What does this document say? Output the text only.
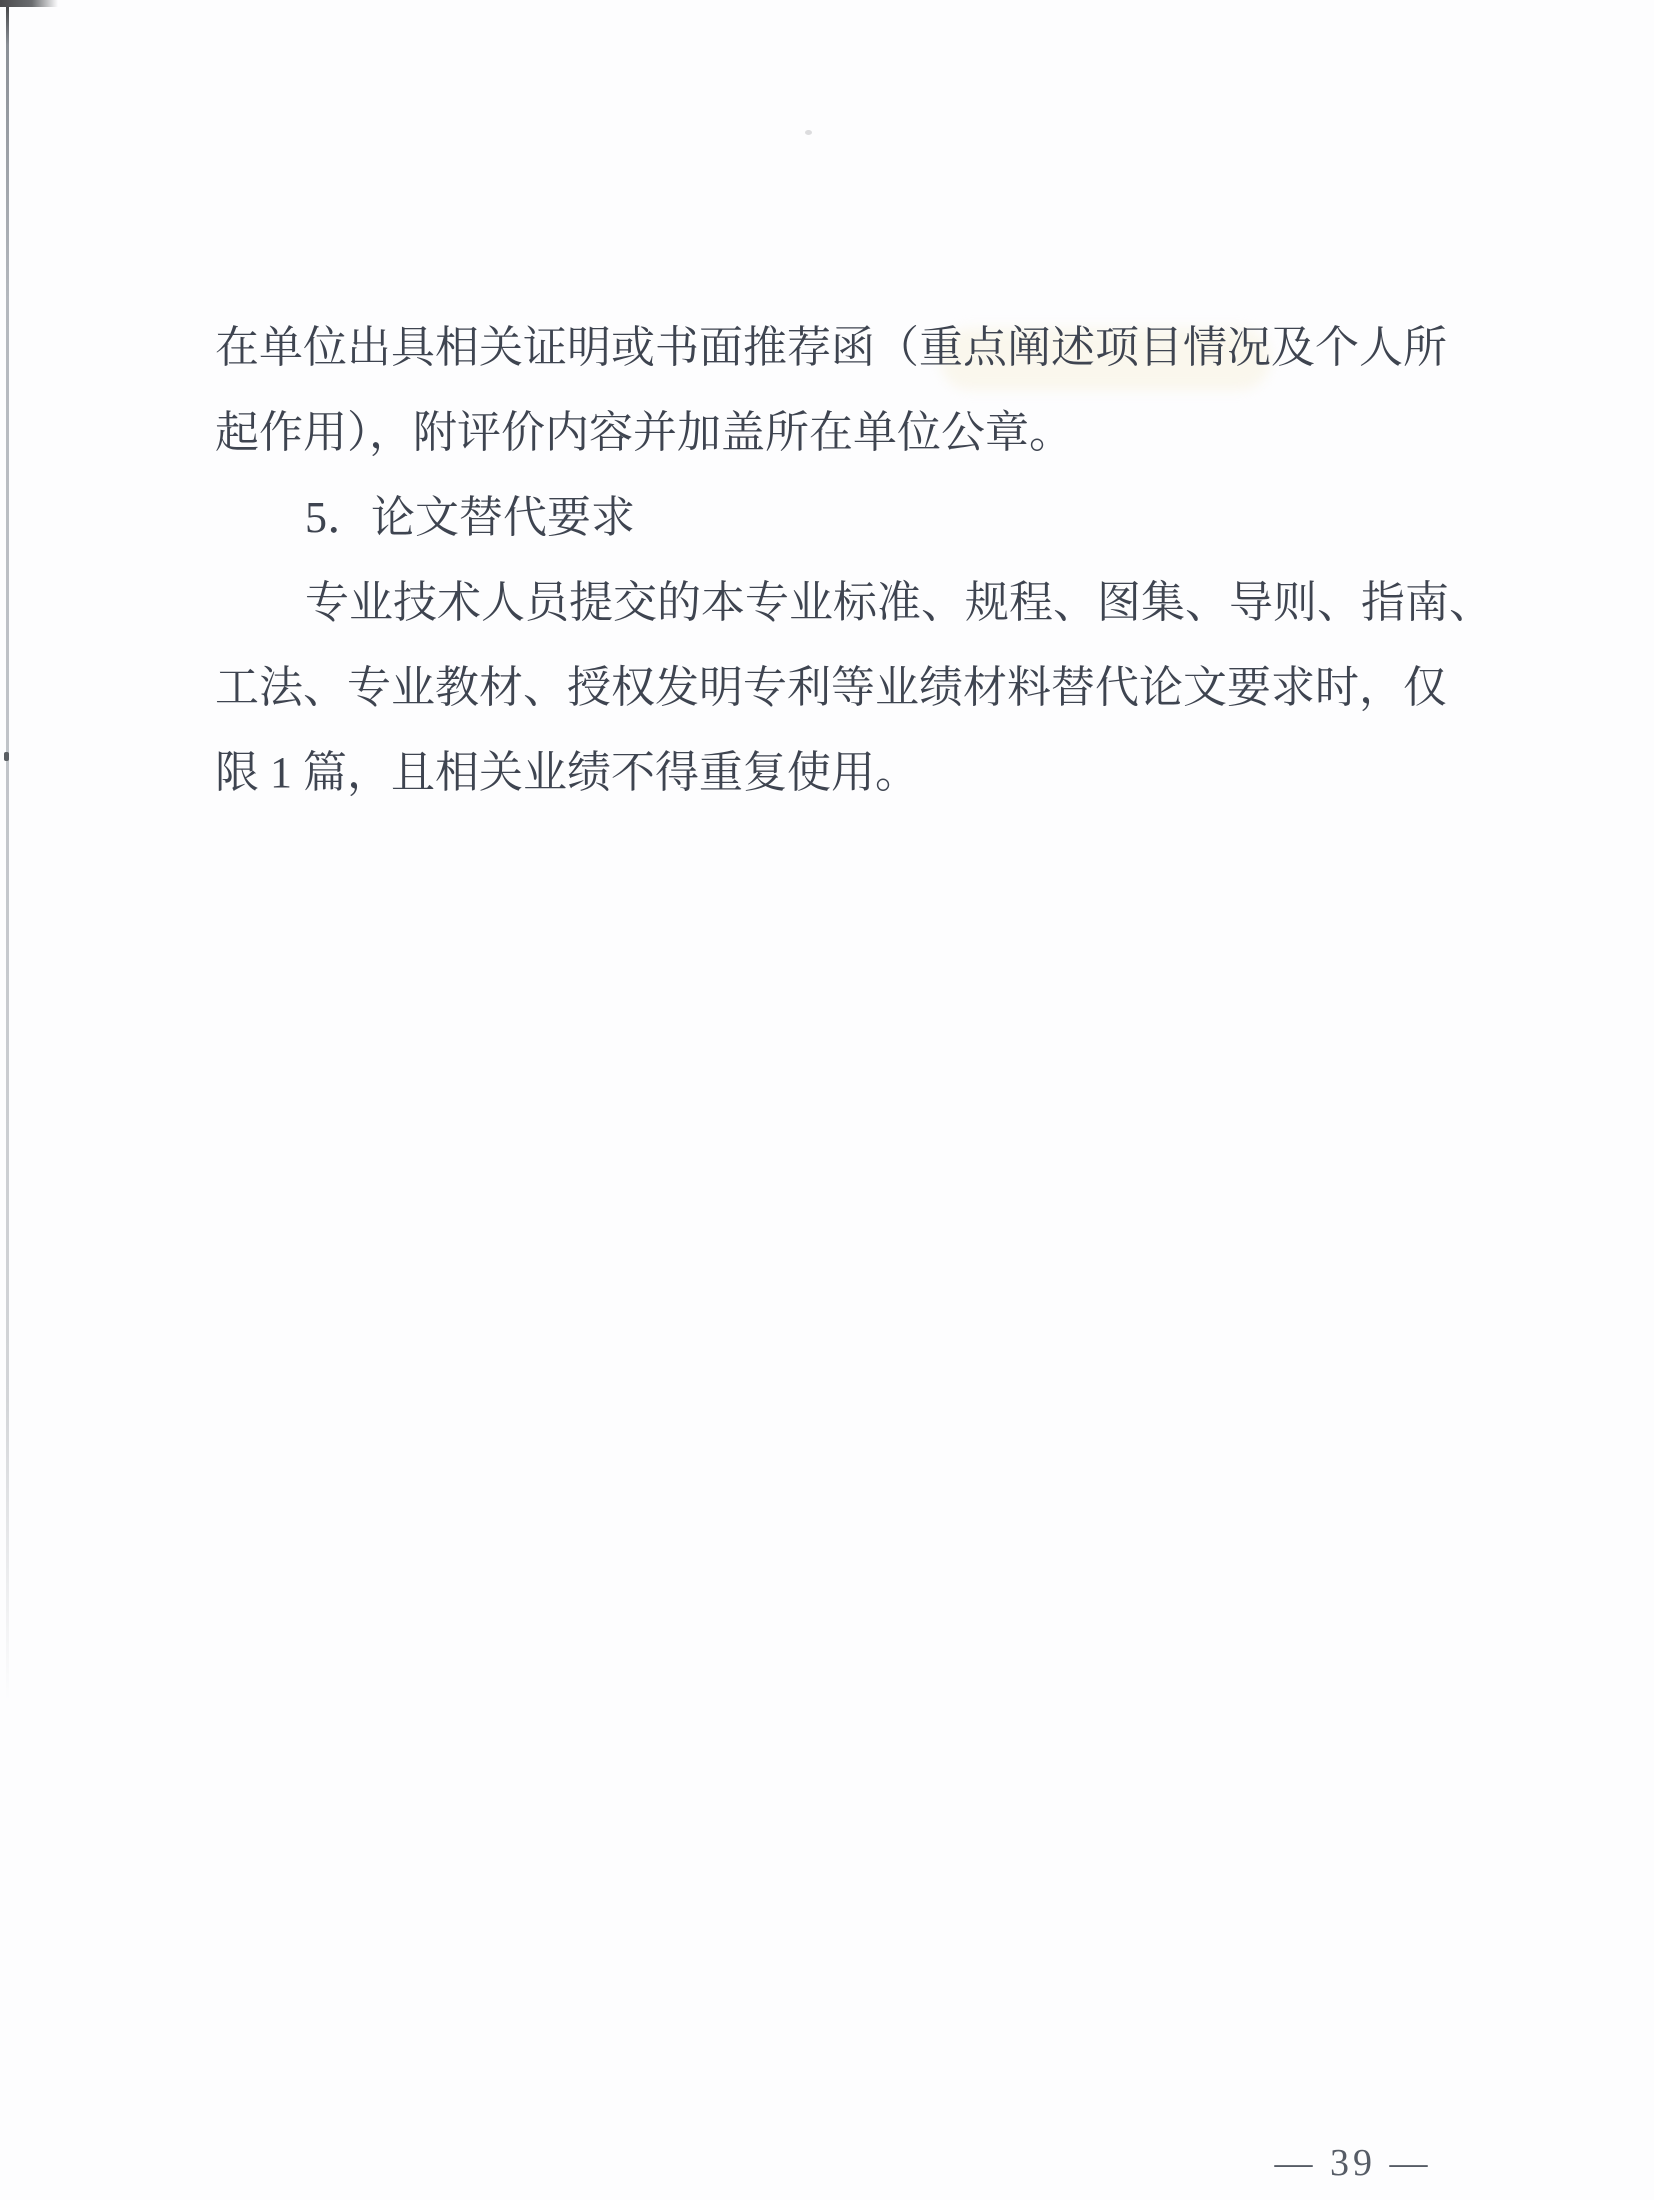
在 单 位 出 具 相 关 证 明 或 书 面 推 荐 函 （ 重 点 阐 述 项 目 情 况 及 个 人 所

起作用），附评价内容并加盖所在单位公章。

5．论文替代要求

专 业 技 术 人 员 提 交 的 本 专 业 标 准 、 规 程 、 图 集 、 导 则 、 指 南 、

工 法 、 专 业 教 材 、 授 权 发 明 专 利 等 业 绩 材 料 替 代 论 文 要 求 时 ， 仅

限 1 篇，且相关业绩不得重复使用。

— 39 —
